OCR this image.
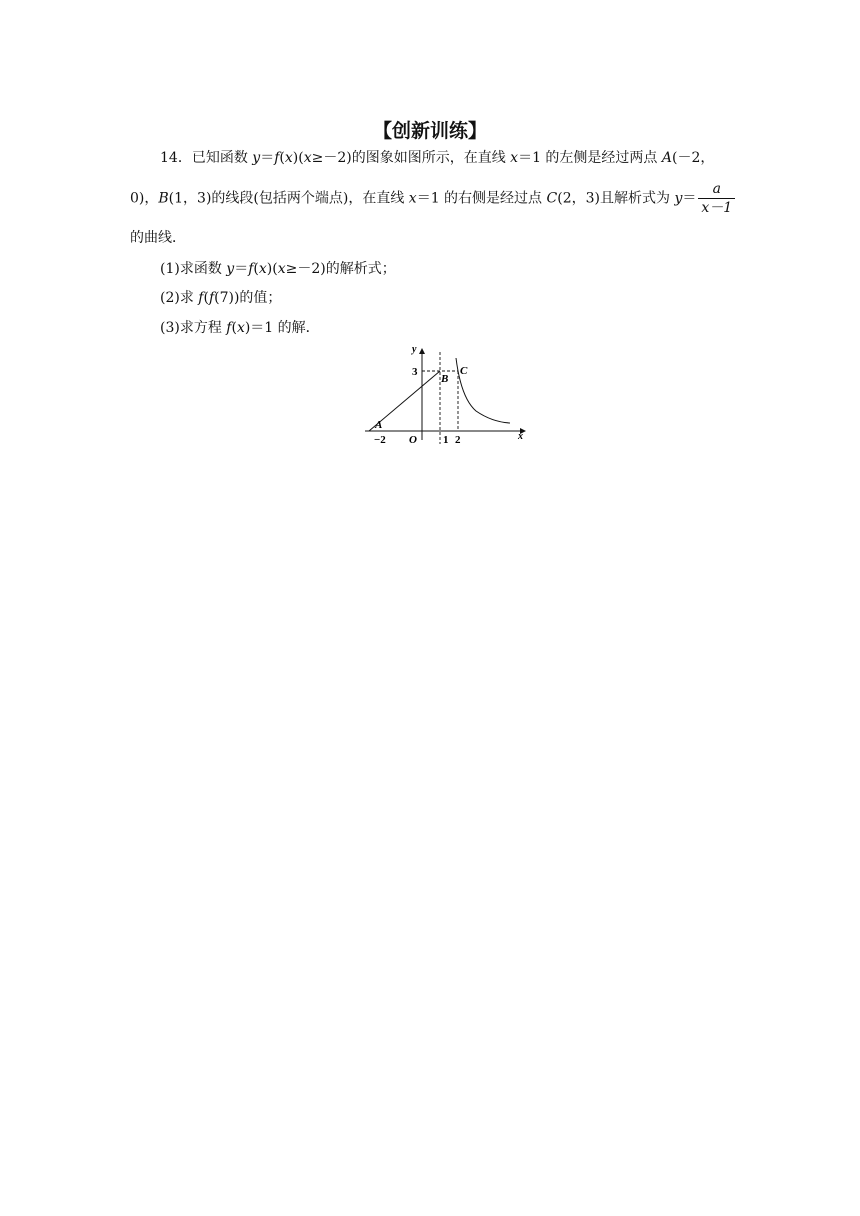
【创新训练】
14．已知函数 y＝f(x)(x≥－2)的图象如图所示，在直线 x＝1 的左侧是经过两点 A(－2，
0)，B(1，3)的线段(包括两个端点)，在直线 x＝1 的右侧是经过点 C(2，3)且解析式为 $y= \frac{a}{x-1}$
的曲线．
(1)求函数 y＝f(x)(x≥－2)的解析式；
(2)求 f(f(7))的值；
(3)求方程 f(x)＝1 的解．
y
x
O
A
B
C
−2	1 2
3
